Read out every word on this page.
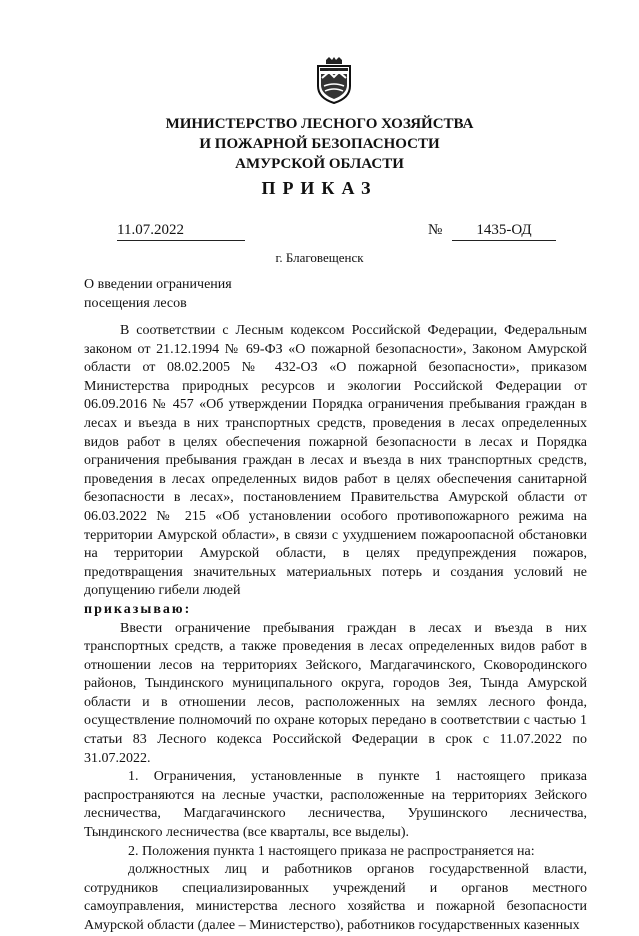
МИНИСТЕРСТВО ЛЕСНОГО ХОЗЯЙСТВА
И ПОЖАРНОЙ БЕЗОПАСНОСТИ
АМУРСКОЙ ОБЛАСТИ
ПРИКАЗ
11.07.2022	№	1435-ОД
г. Благовещенск
О введении ограничения
посещения лесов

В соответствии с Лесным кодексом Российской Федерации, Федеральным законом от 21.12.1994 № 69-ФЗ «О пожарной безопасности», Законом Амурской области от 08.02.2005 № 432-ОЗ «О пожарной безопасности», приказом Министерства природных ресурсов и экологии Российской Федерации от 06.09.2016 № 457 «Об утверждении Порядка ограничения пребывания граждан в лесах и въезда в них транспортных средств, проведения в лесах определенных видов работ в целях обеспечения пожарной безопасности в лесах и Порядка ограничения пребывания граждан в лесах и въезда в них транспортных средств, проведения в лесах определенных видов работ в целях обеспечения санитарной безопасности в лесах», постановлением Правительства Амурской области от 06.03.2022 № 215 «Об установлении особого противопожарного режима на территории Амурской области», в связи с ухудшением пожароопасной обстановки на территории Амурской области, в целях предупреждения пожаров, предотвращения значительных материальных потерь и создания условий не допущению гибели людей

приказываю:

Ввести ограничение пребывания граждан в лесах и въезда в них транспортных средств, а также проведения в лесах определенных видов работ в отношении лесов на территориях Зейского, Магдагачинского, Сковородинского районов, Тындинского муниципального округа, городов Зея, Тында Амурской области и в отношении лесов, расположенных на землях лесного фонда, осуществление полномочий по охране которых передано в соответствии с частью 1 статьи 83 Лесного кодекса Российской Федерации в срок с 11.07.2022 по 31.07.2022.

1. Ограничения, установленные в пункте 1 настоящего приказа распространяются на лесные участки, расположенные на территориях Зейского лесничества, Магдагачинского лесничества, Урушинского лесничества, Тындинского лесничества (все кварталы, все выделы).

2. Положения пункта 1 настоящего приказа не распространяется на:

должностных лиц и работников органов государственной власти, сотрудников специализированных учреждений и органов местного самоуправления, министерства лесного хозяйства и пожарной безопасности Амурской области (далее – Министерство), работников государственных казенных
